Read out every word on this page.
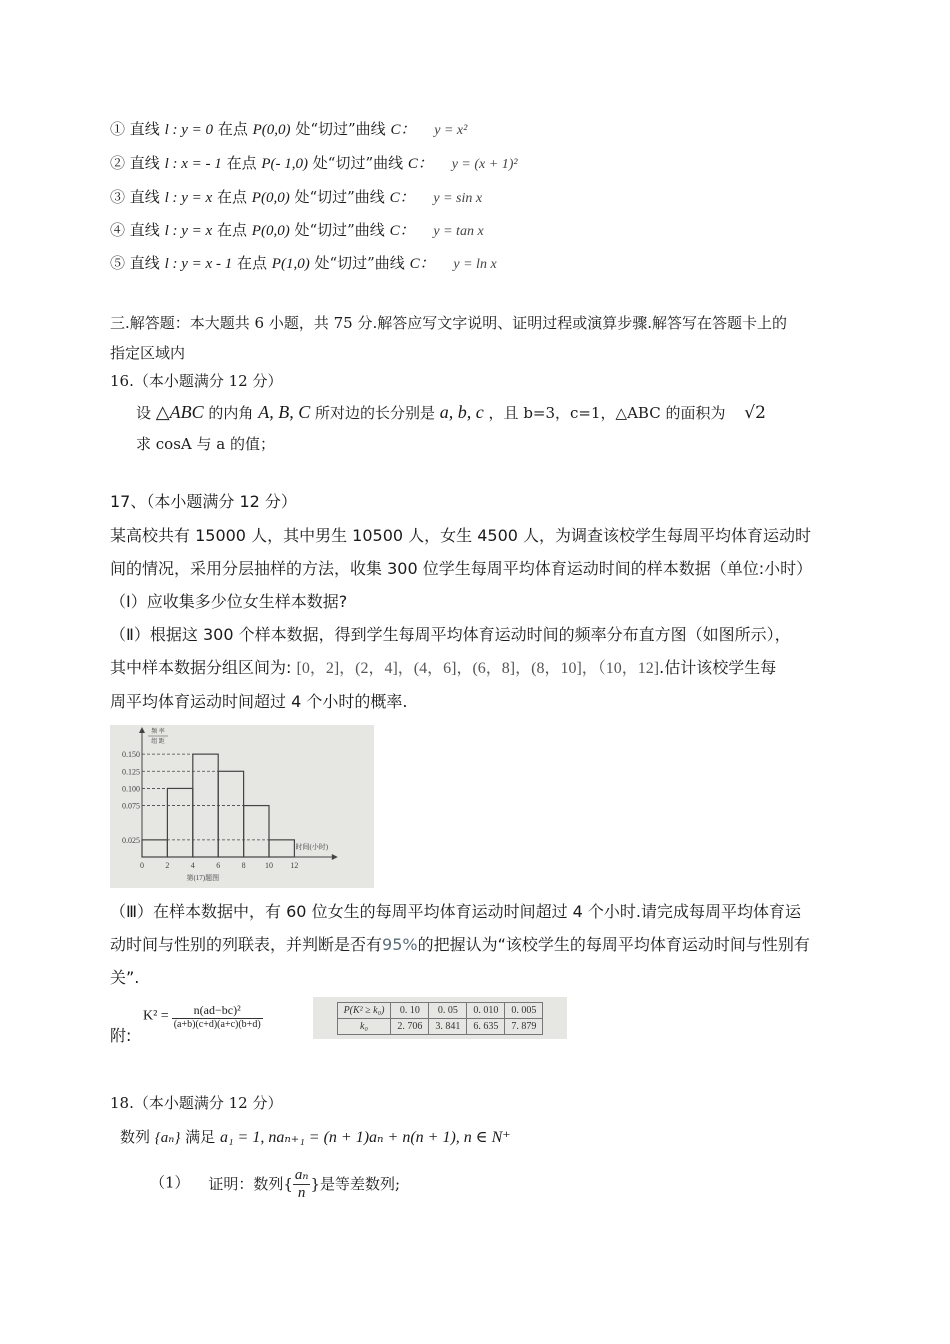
① 直线 l : y = 0 在点 P(0,0) 处“切过”曲线 C： y = x²
② 直线 l : x = - 1 在点 P(- 1,0) 处“切过”曲线 C： y = (x + 1)²
③ 直线 l : y = x 在点 P(0,0) 处“切过”曲线 C： y = sin x
④ 直线 l : y = x 在点 P(0,0) 处“切过”曲线 C： y = tan x
⑤ 直线 l : y = x - 1 在点 P(1,0) 处“切过”曲线 C： y = ln x
三.解答题：本大题共 6 小题，共 75 分.解答应写文字说明、证明过程或演算步骤.解答写在答题卡上的
指定区域内
16.（本小题满分 12 分）
设 △ABC 的内角 A, B, C 所对边的长分别是 a, b, c ，且 b=3，c=1，△ABC 的面积为 √2
求 cosA 与 a 的值；
17、（本小题满分 12 分）
某高校共有 15000 人，其中男生 10500 人，女生 4500 人，为调查该校学生每周平均体育运动时
间的情况，采用分层抽样的方法，收集 300 位学生每周平均体育运动时间的样本数据（单位:小时）
（Ⅰ）应收集多少位女生样本数据?
（Ⅱ）根据这 300 个样本数据，得到学生每周平均体育运动时间的频率分布直方图（如图所示），
其中样本数据分组区间为: [0，2]，(2，4]，(4，6]，(6，8]，(8，10]，（10，12].估计该校学生每
周平均体育运动时间超过 4 个小时的概率.
频 率
组 距
0.150
0.125
0.100
0.075
0.025
0	2	4	6	8 10 12
时间(小时)
第(17)题图
（Ⅲ）在样本数据中，有 60 位女生的每周平均体育运动时间超过 4 个小时.请完成每周平均体育运
动时间与性别的列联表，并判断是否有95%的把握认为“该校学生的每周平均体育运动时间与性别有
关”.
附:
$K^2 = \frac{\text{n(ad−bc)²}}{(a+b)(c+d)(a+c)(b+d)}$	P(K² ≥ k₀)	0. 10	0. 05	0. 010	0. 005
k₀	2. 706	3. 841	6. 635	7. 879
18.（本小题满分 12 分）
数列 {aₙ} 满足 a₁ = 1, naₙ₊₁ = (n + 1)aₙ + n(n + 1), n ∈ N⁺
（1） 证明：数列{ $\frac{\text{aₙ}}{n}$ }是等差数列;
